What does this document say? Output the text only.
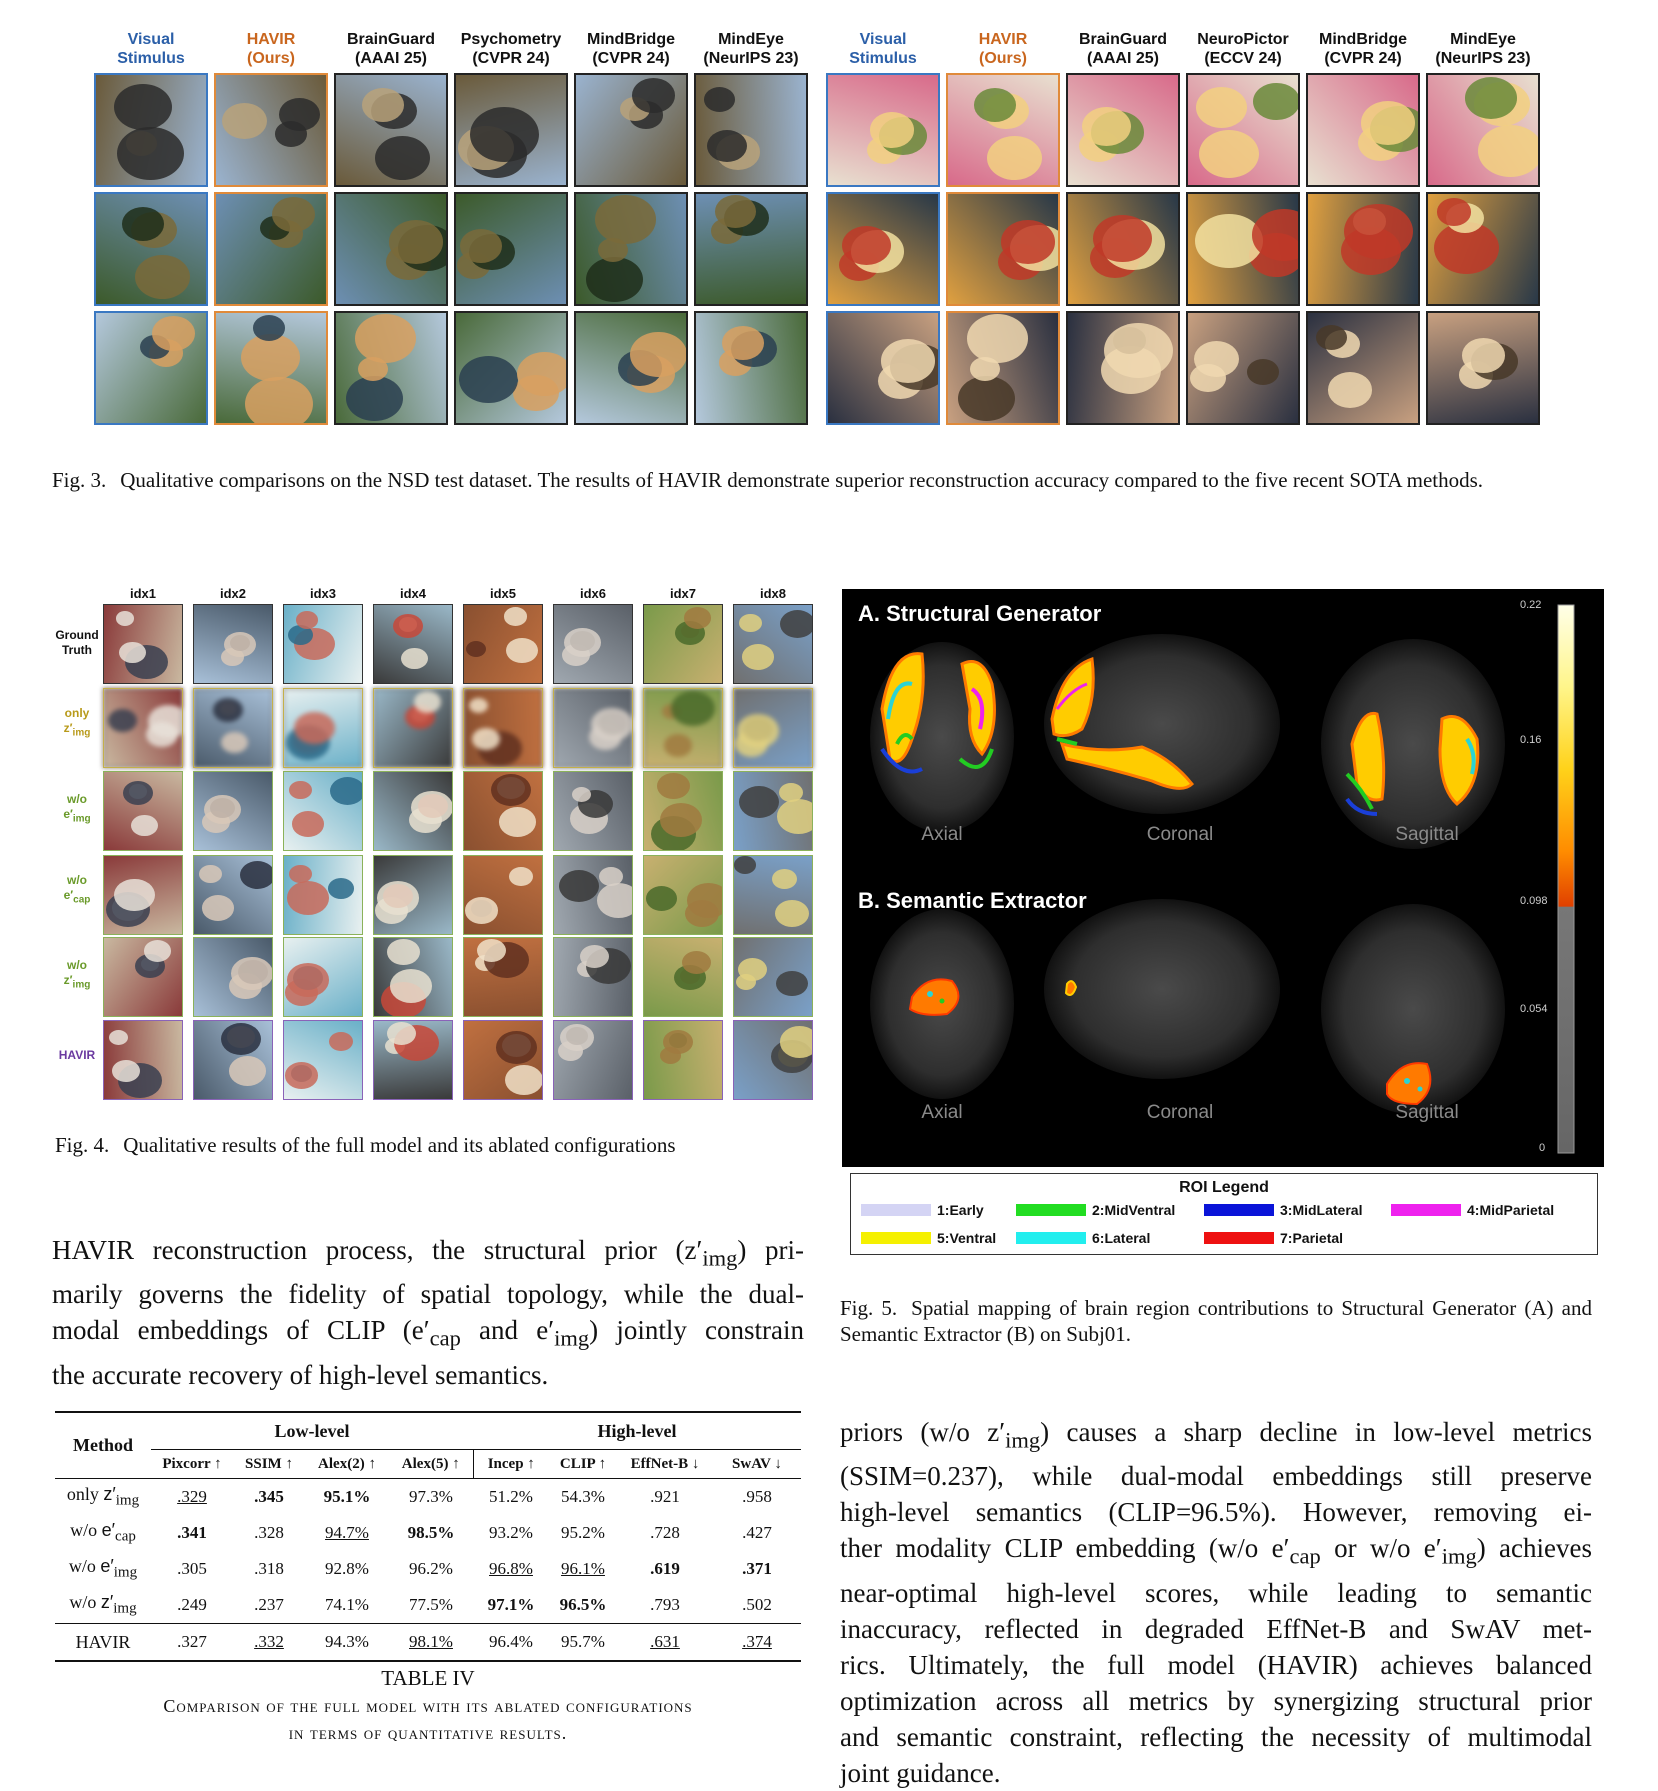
Visual
Stimulus
HAVIR
(Ours)
BrainGuard
(AAAI 25)
Psychometry
(CVPR 24)
MindBridge
(CVPR 24)
MindEye
(NeurIPS 23)
Visual
Stimulus
HAVIR
(Ours)
BrainGuard
(AAAI 25)
NeuroPictor
(ECCV 24)
MindBridge
(CVPR 24)
MindEye
(NeurIPS 23)
Fig. 3. Qualitative comparisons on the NSD test dataset. The results of HAVIR demonstrate superior reconstruction accuracy compared to the five recent SOTA methods.
idx1	idx2	idx3	idx4	idx5	idx6	idx7	idx8
Ground
Truth
only
$z'_{img}$
w/o
$e'_{img}$
w/o
$e'_{cap}$
w/o
$z'_{img}$
HAVIR
Fig. 4. Qualitative results of the full model and its ablated configurations
A. Structural Generator
B. Semantic Extractor
Axial	Coronal	Sagittal
Axial	Coronal	Sagittal
0.22
0.16
0.098
0.054
0
ROI Legend
1:Early	2:MidVentral	3:MidLateral	4:MidParietal
5:Ventral	6:Lateral	7:Parietal
Fig. 5. Spatial mapping of brain region contributions to Structural Generator (A) and Semantic Extractor (B) on Subj01.
HAVIR reconstruction process, the structural prior $(z'_{img})$ pri-
marily governs the fidelity of spatial topology, while the dual-
modal embeddings of CLIP ($e'_{cap}$ and $e'_{img}$) jointly constrain
the accurate recovery of high-level semantics.
priors (w/o $z'_{img}$) causes a sharp decline in low-level metrics
(SSIM=0.237), while dual-modal embeddings still preserve
high-level semantics (CLIP=96.5%). However, removing ei-
ther modality CLIP embedding (w/o $e'_{cap}$ or w/o $e'_{img}$) achieves
near-optimal high-level scores, while leading to semantic
inaccuracy, reflected in degraded EffNet-B and SwAV met-
rics. Ultimately, the full model (HAVIR) achieves balanced
optimization across all metrics by synergizing structural prior
and semantic constraint, reflecting the necessity of multimodal
joint guidance.
Method	Low-level				High-level			
	Pixcorr ↑	SSIM ↑	Alex(2) ↑	Alex(5) ↑	Incep ↑	CLIP ↑	EffNet-B ↓	SwAV ↓
only $z'_{img}$	.329	.345	95.1%	97.3%	51.2%	54.3%	.921	.958
w/o $e'_{cap}$	.341	.328	94.7%	98.5%	93.2%	95.2%	.728	.427
w/o $e'_{img}$	.305	.318	92.8%	96.2%	96.8%	96.1%	.619	.371
w/o $z'_{img}$	.249	.237	74.1%	77.5%	97.1%	96.5%	.793	.502
HAVIR	.327	.332	94.3%	98.1%	96.4%	95.7%	.631	.374
TABLE IV
Comparison of the full model with its ablated configurations
in terms of quantitative results.
